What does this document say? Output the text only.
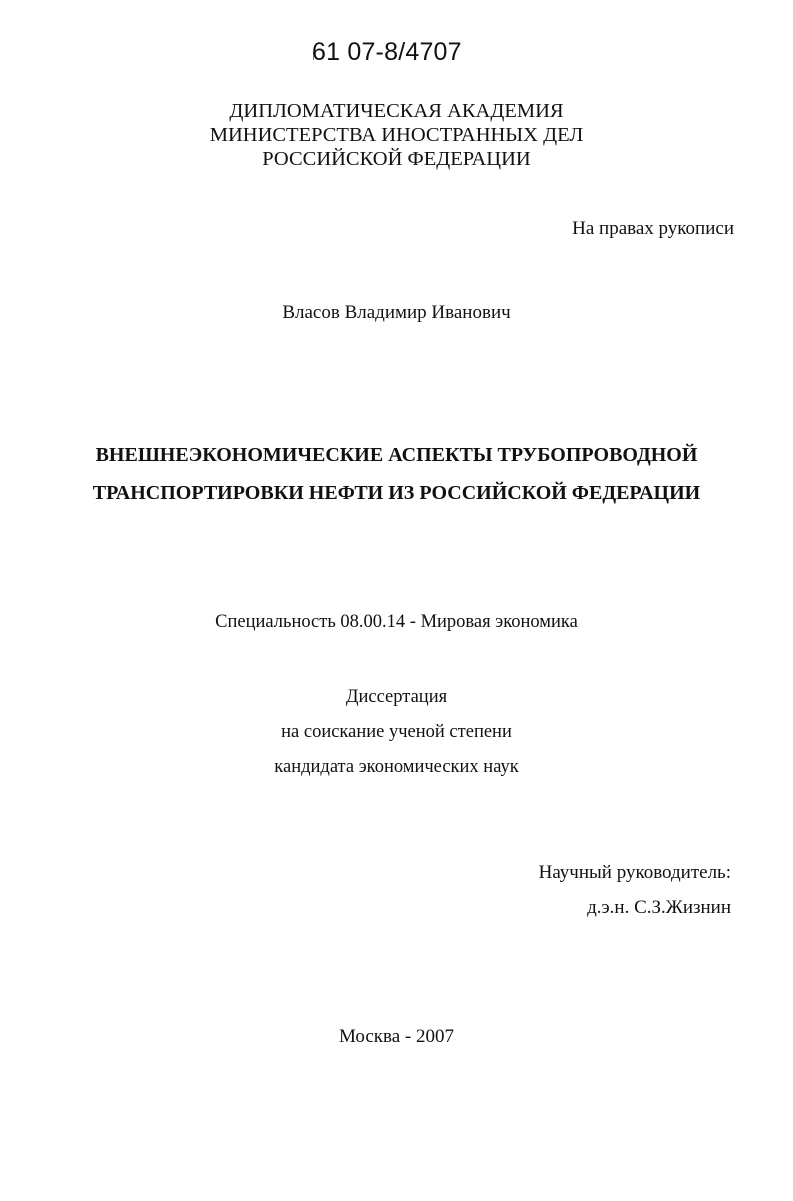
61 07-8/4707
ДИПЛОМАТИЧЕСКАЯ АКАДЕМИЯ
МИНИСТЕРСТВА ИНОСТРАННЫХ ДЕЛ
РОССИЙСКОЙ ФЕДЕРАЦИИ
На правах рукописи
Власов Владимир Иванович
ВНЕШНЕЭКОНОМИЧЕСКИЕ АСПЕКТЫ ТРУБОПРОВОДНОЙ
ТРАНСПОРТИРОВКИ НЕФТИ ИЗ РОССИЙСКОЙ ФЕДЕРАЦИИ
Специальность 08.00.14 - Мировая экономика
Диссертация
на соискание ученой степени
кандидата экономических наук
Научный руководитель:
д.э.н. С.З.Жизнин
Москва - 2007
